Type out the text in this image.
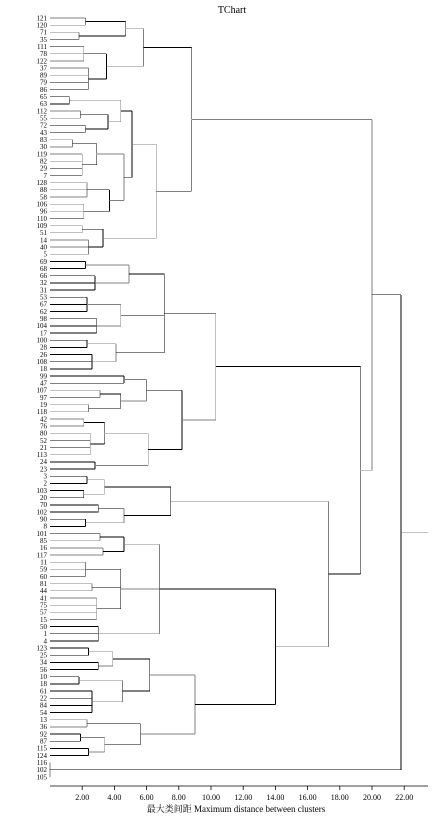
TChart
121
120
71
35
111
78
122
37
89
79
86
65
63
112
55
72
43
83
30
119
82
29
7
128
88
58
106
96
110
109
51
14
40
5
69
68
66
32
31
53
67
62
98
104
17
100
28
26
108
18
99
47
107
97
19
118
42
76
80
52
21
113
24
23
3
2
103
20
70
102
90
8
101
85
16
117
11
59
60
81
44
41
75
57
15
50
1
4
123
25
34
56
10
18
61
22
84
54
13
36
92
87
115
124
116
102
105
2.00 4.00 6.00 8.00 10.00 12.00 14.00 16.00 18.00 20.00 22.00
最大类间距 Maximum distance between clusters
